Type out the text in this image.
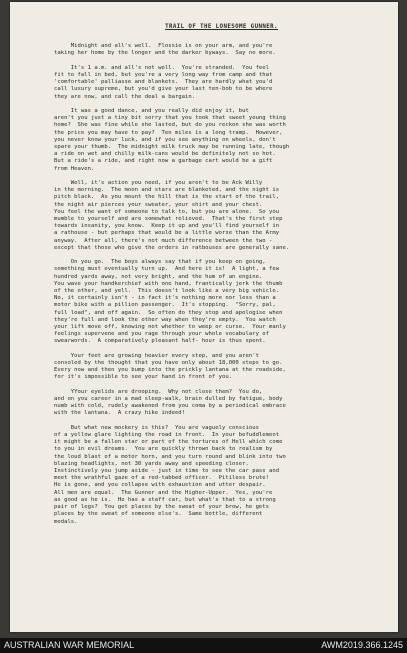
TRAIL OF THE LONESOME GUNNER.
Midnight and all's well.  Flossie is on your arm, and you're
taking her home by the longer and the darker byways.  Say no more.
It's 1 a.m. and all's not well.  You're stranded.  You feel
fit to fall in bed, but you're a very long way from camp and that
'comfortable' palliasse and blankets.  They are hardly what you'd
call luxury supreme, but you'd give your last ten-bob to be where
they are now, and call the deal a bargain.
It was a good dance, and you really did enjoy it, but
aren't you just a tiny bit sorry that you took that sweet young thing
home?  She was fine while she lasted, but do you reckon she was worth
the price you may have to pay?  Ten miles is a long tramp.  However,
you never know your luck, and if you see anything on wheels, don't
spare your thumb.  The midnight milk truck may be running late, though
a ride on wet and chilly milk-cans would be definitely not so hot.
But a ride's a ride, and right now a garbage cart would be a gift
from Heaven.
Well, it's action you need, if you aren't to be Ack Willy
in the morning.  The moon and stars are blanketed, and the night is
pitch black.  As you mount the hill that is the start of the trail,
the night air pierces your sweater, your shirt and your chest.
You feel the want of someone to talk to, but you are alone.  So you
mumble to yourself and are somewhat relieved.  That's the first step
towards insanity, you know.  Keep it up and you'll find yourself in
a rathouse - but perhaps that would be a little worse than the Army
anyway.  After all, there's not much difference between the two -
except that those who give the orders in ratbouses are generally sane.
On you go.  The boys always say that if you keep on going,
something must eventually turn up.  And here it is!  A light, a few
hundred yards away, not very bright, and the hum of an engine.
You wave your handkerchief with one hand, frantically jerk the thumb
of the other, and yell.  This doesn't look like a very big vehicle.
No, it certainly isn't - in fact it's nothing more nor less than a
motor bike with a pillion passenger.  It's stopping.  "Sorry, pal,
full load", and off again.  So often do they stop and apologise when
they're full and look the other way when they're empty.  You watch
your lift move off, knowing not whether to weep or curse.  Your manly
feelings supervene and you rage through your whole vocabulary of
swearwords.  A comparatively pleasant half- hour is thus spent.
Your feet are growing heavier every step, and you aren't
consoled by the thought that you have only about 18,000 steps to go.
Every now and then you bump into the prickly lantana at the roadside,
for it's impossible to see your hand in front of you.
YYour eyelids are drooping.  Why not close them?  You do,
and on you career in a mad sleep-walk, brain dulled by fatigue, body
numb with cold, rudely awakened from you coma by a periodical embrace
with the lantana.  A crazy hike indeed!
But what new mockery is this?  You are vaguely conscious
of a yellow glare lighting the road in front.  In your befuddlement
it might be a fallen star or part of the tortures of Hell which come
to you in evil dreams.  You are quickly thrown back to realism by
the loud blast of a motor horn, and you turn round and blink into two
blazing headlights, not 30 yards away and speeding closer.
Instinctively you jump aside - just in time to see the car pass and
meet the wrathful gaze of a red-tabbed officer.  Pitiless brute!
He is gone, and you collapse with exhaustion and utter despair.
All men are equal.  The Gunner and the Higher-Upper.  Yes, you're
as good as he is.  He has a staff car, but what's that to a strong
pair of legs?  You get places by the sweat of your brow, he gets
places by the sweat of someone else's.  Same bottle, different
medals.
AUSTRALIAN WAR MEMORIAL	AWM2019.366.1245
